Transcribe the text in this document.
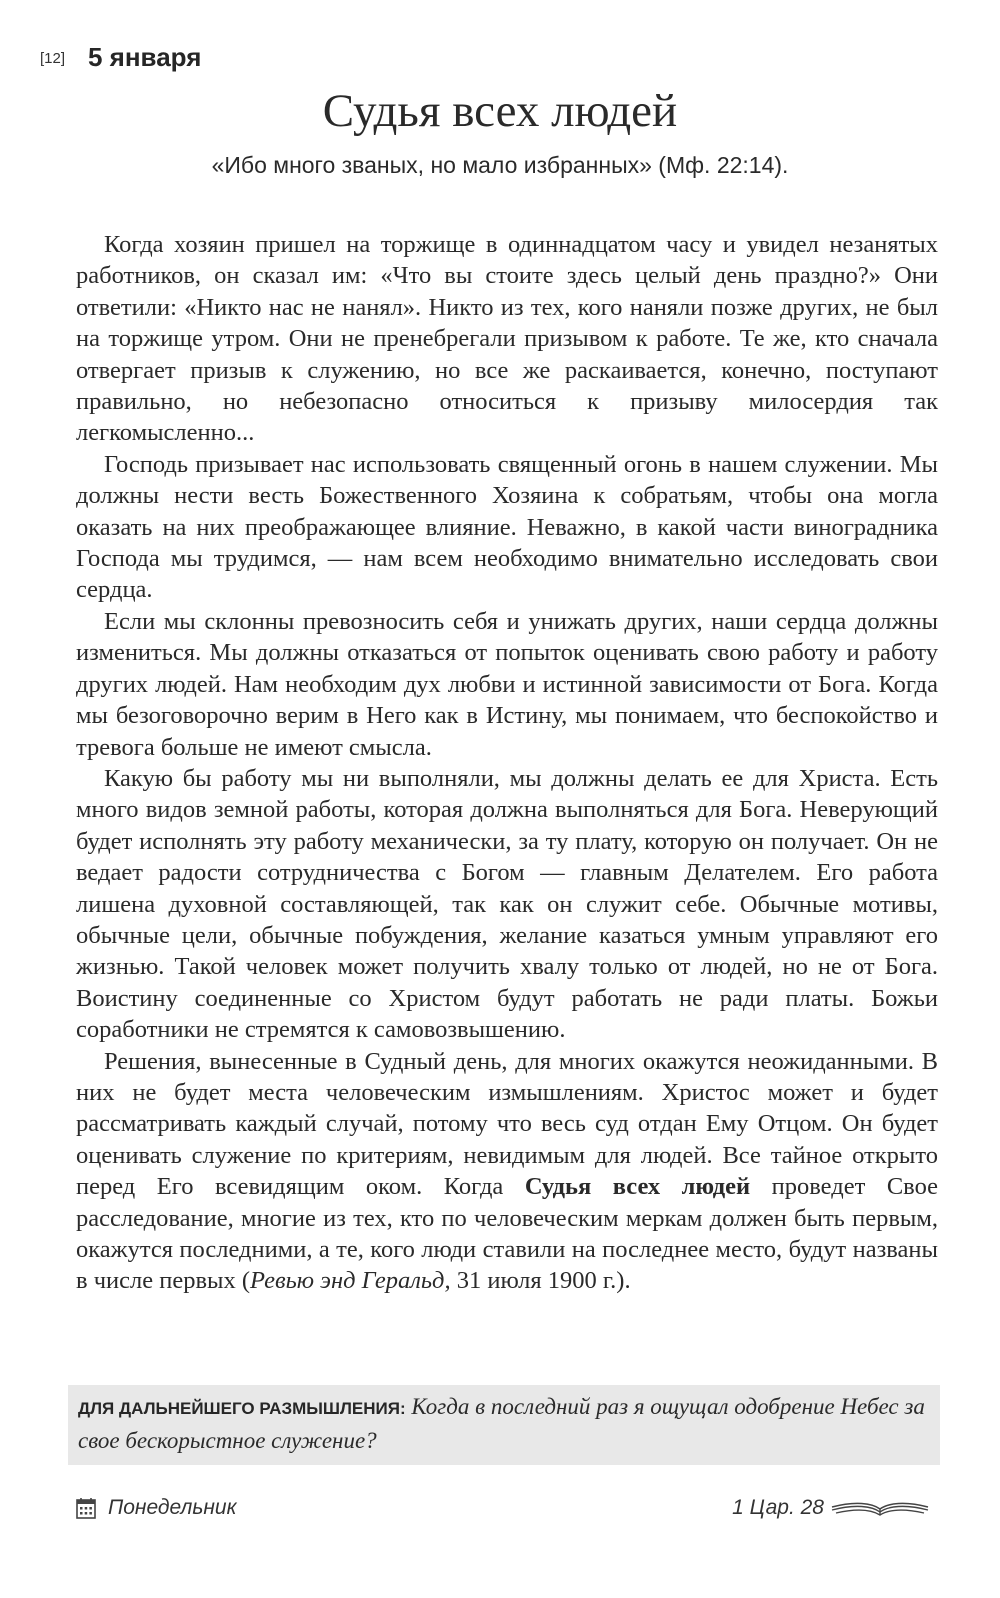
[12] 5 января
Судья всех людей
«Ибо много званых, но мало избранных» (Мф. 22:14).

Когда хозяин пришел на торжище в одиннадцатом часу и увидел незанятых работников, он сказал им: «Что вы стоите здесь целый день праздно?» Они ответили: «Никто нас не нанял». Никто из тех, кого наняли позже других, не был на торжище утром. Они не пренебрегали призывом к работе. Те же, кто сначала отвергает призыв к служению, но все же раскаивается, конечно, поступают правильно, но небезопасно относиться к призыву милосердия так легкомысленно...

Господь призывает нас использовать священный огонь в нашем служении. Мы должны нести весть Божественного Хозяина к собратьям, чтобы она могла оказать на них преображающее влияние. Неважно, в какой части виноградника Господа мы трудимся, — нам всем необходимо внимательно исследовать свои сердца.

Если мы склонны превозносить себя и унижать других, наши сердца должны измениться. Мы должны отказаться от попыток оценивать свою работу и работу других людей. Нам необходим дух любви и истинной зависимости от Бога. Когда мы безоговорочно верим в Него как в Истину, мы понимаем, что беспокойство и тревога больше не имеют смысла.

Какую бы работу мы ни выполняли, мы должны делать ее для Христа. Есть много видов земной работы, которая должна выполняться для Бога. Неверующий будет исполнять эту работу механически, за ту плату, которую он получает. Он не ведает радости сотрудничества с Богом — главным Делателем. Его работа лишена духовной составляющей, так как он служит себе. Обычные мотивы, обычные цели, обычные побуждения, желание казаться умным управляют его жизнью. Такой человек может получить хвалу только от людей, но не от Бога. Воистину соединенные со Христом будут работать не ради платы. Божьи соработники не стремятся к самовозвышению.

Решения, вынесенные в Судный день, для многих окажутся неожиданными. В них не будет места человеческим измышлениям. Христос может и будет рассматривать каждый случай, потому что весь суд отдан Ему Отцом. Он будет оценивать служение по критериям, невидимым для людей. Все тайное открыто перед Его всевидящим оком. Когда Судья всех людей проведет Свое расследование, многие из тех, кто по человеческим меркам должен быть первым, окажутся последними, а те, кого люди ставили на последнее место, будут названы в числе первых (Ревью энд Геральд, 31 июля 1900 г.).

ДЛЯ ДАЛЬНЕЙШЕГО РАЗМЫШЛЕНИЯ: Когда в последний раз я ощущал одобрение Небес за свое бескорыстное служение?
Понедельник	1 Цар. 28
